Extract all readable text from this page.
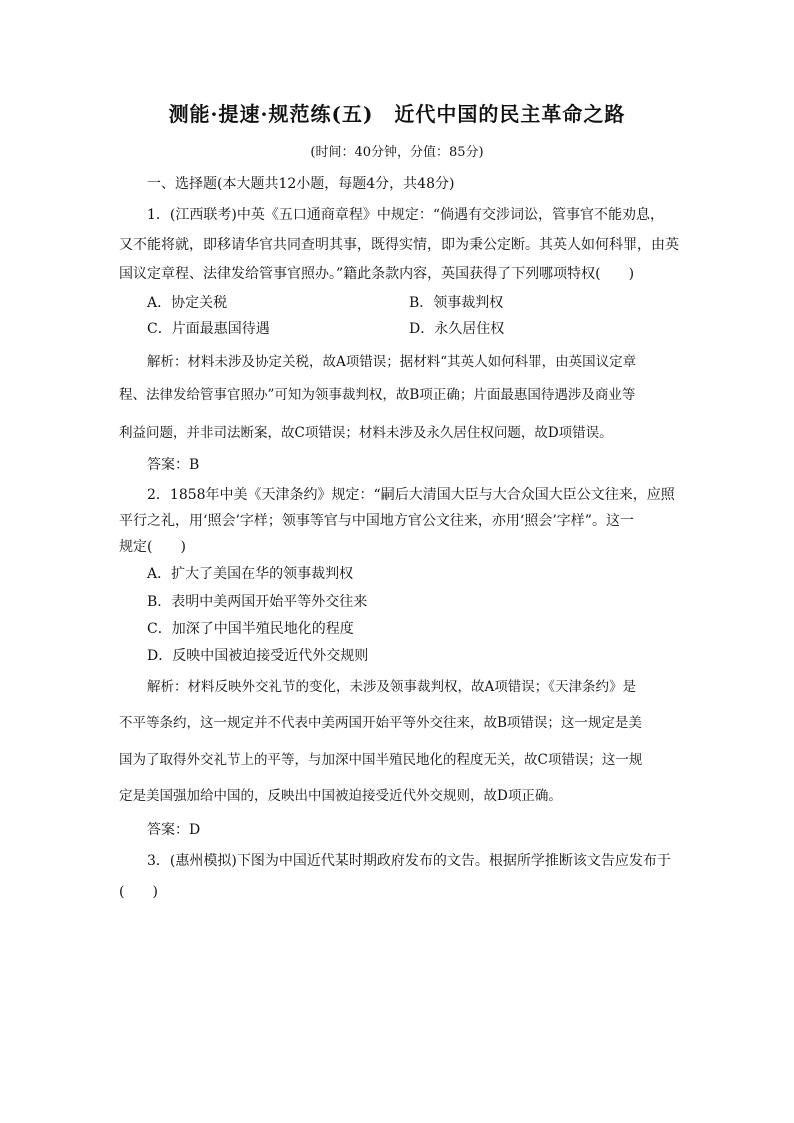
测能·提速·规范练(五)　近代中国的民主革命之路
(时间：40分钟，分值：85分)
一、选择题(本大题共12小题，每题4分，共48分)
1．(江西联考)中英《五口通商章程》中规定：“倘遇有交涉词讼，管事官不能劝息，
又不能将就，即移请华官共同查明其事，既得实情，即为秉公定断。其英人如何科罪，由英
国议定章程、法律发给管事官照办。”籍此条款内容，英国获得了下列哪项特权(　　)
A．协定关税	B．领事裁判权
C．片面最惠国待遇	D．永久居住权
解析：材料未涉及协定关税，故A项错误；据材料“其英人如何科罪，由英国议定章
程、法律发给管事官照办”可知为领事裁判权，故B项正确；片面最惠国待遇涉及商业等
利益问题，并非司法断案，故C项错误；材料未涉及永久居住权问题，故D项错误。
答案：B
2．1858年中美《天津条约》规定：“嗣后大清国大臣与大合众国大臣公文往来，应照
平行之礼，用‘照会’字样；领事等官与中国地方官公文往来，亦用‘照会’字样”。这一
规定(　　)
A．扩大了美国在华的领事裁判权
B．表明中美两国开始平等外交往来
C．加深了中国半殖民地化的程度
D．反映中国被迫接受近代外交规则
解析：材料反映外交礼节的变化，未涉及领事裁判权，故A项错误；《天津条约》是
不平等条约，这一规定并不代表中美两国开始平等外交往来，故B项错误；这一规定是美
国为了取得外交礼节上的平等，与加深中国半殖民地化的程度无关，故C项错误；这一规
定是美国强加给中国的，反映出中国被迫接受近代外交规则，故D项正确。
答案：D
3．(惠州模拟)下图为中国近代某时期政府发布的文告。根据所学推断该文告应发布于
(　　)
